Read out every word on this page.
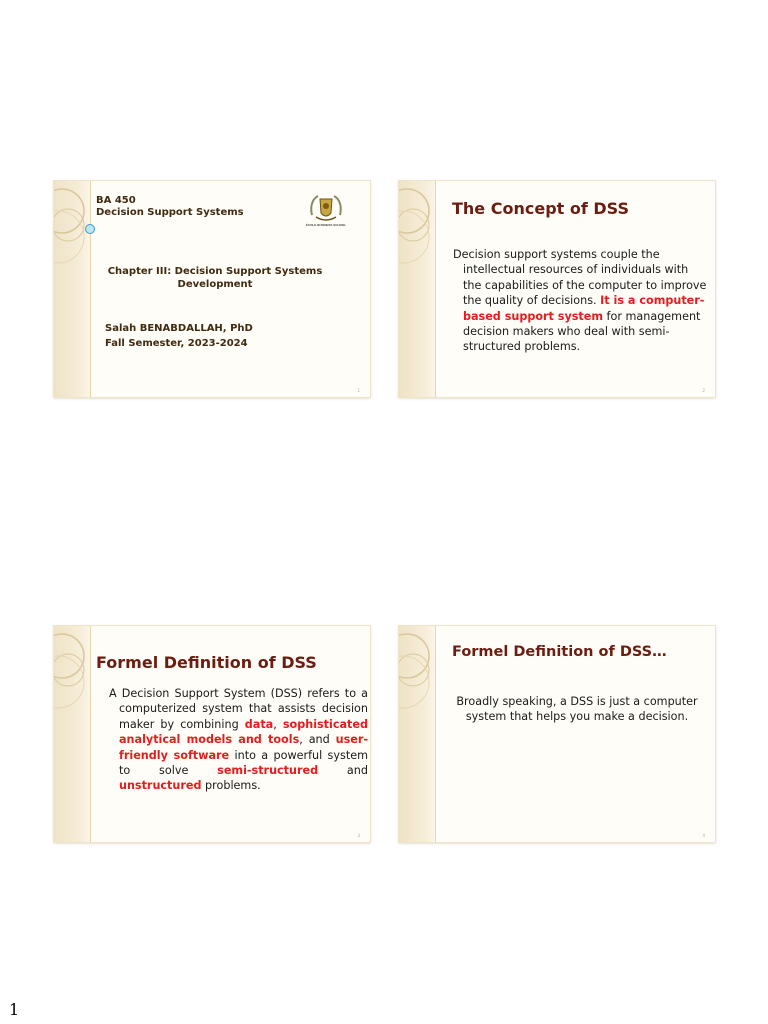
BA 450
Decision Support Systems
ÉCOLE BUSINESS SCHOOL
Chapter III: Decision Support Systems
Development
Salah BENABDALLAH, PhD
Fall Semester, 2023-2024
1
The Concept of DSS
Decision support systems couple the intellectual resources of individuals with the capabilities of the computer to improve the quality of decisions. It is a computer-based support system for management decision makers who deal with semi-structured problems.
2
Formel Definition of DSS
A Decision Support System (DSS) refers to a computerized system that assists decision maker by combining data, sophisticated analytical models and tools, and user-friendly software into a powerful system to solve semi-structured and unstructured problems.
3
Formel Definition of DSS…
Broadly speaking, a DSS is just a computer system that helps you make a decision.
4
1
